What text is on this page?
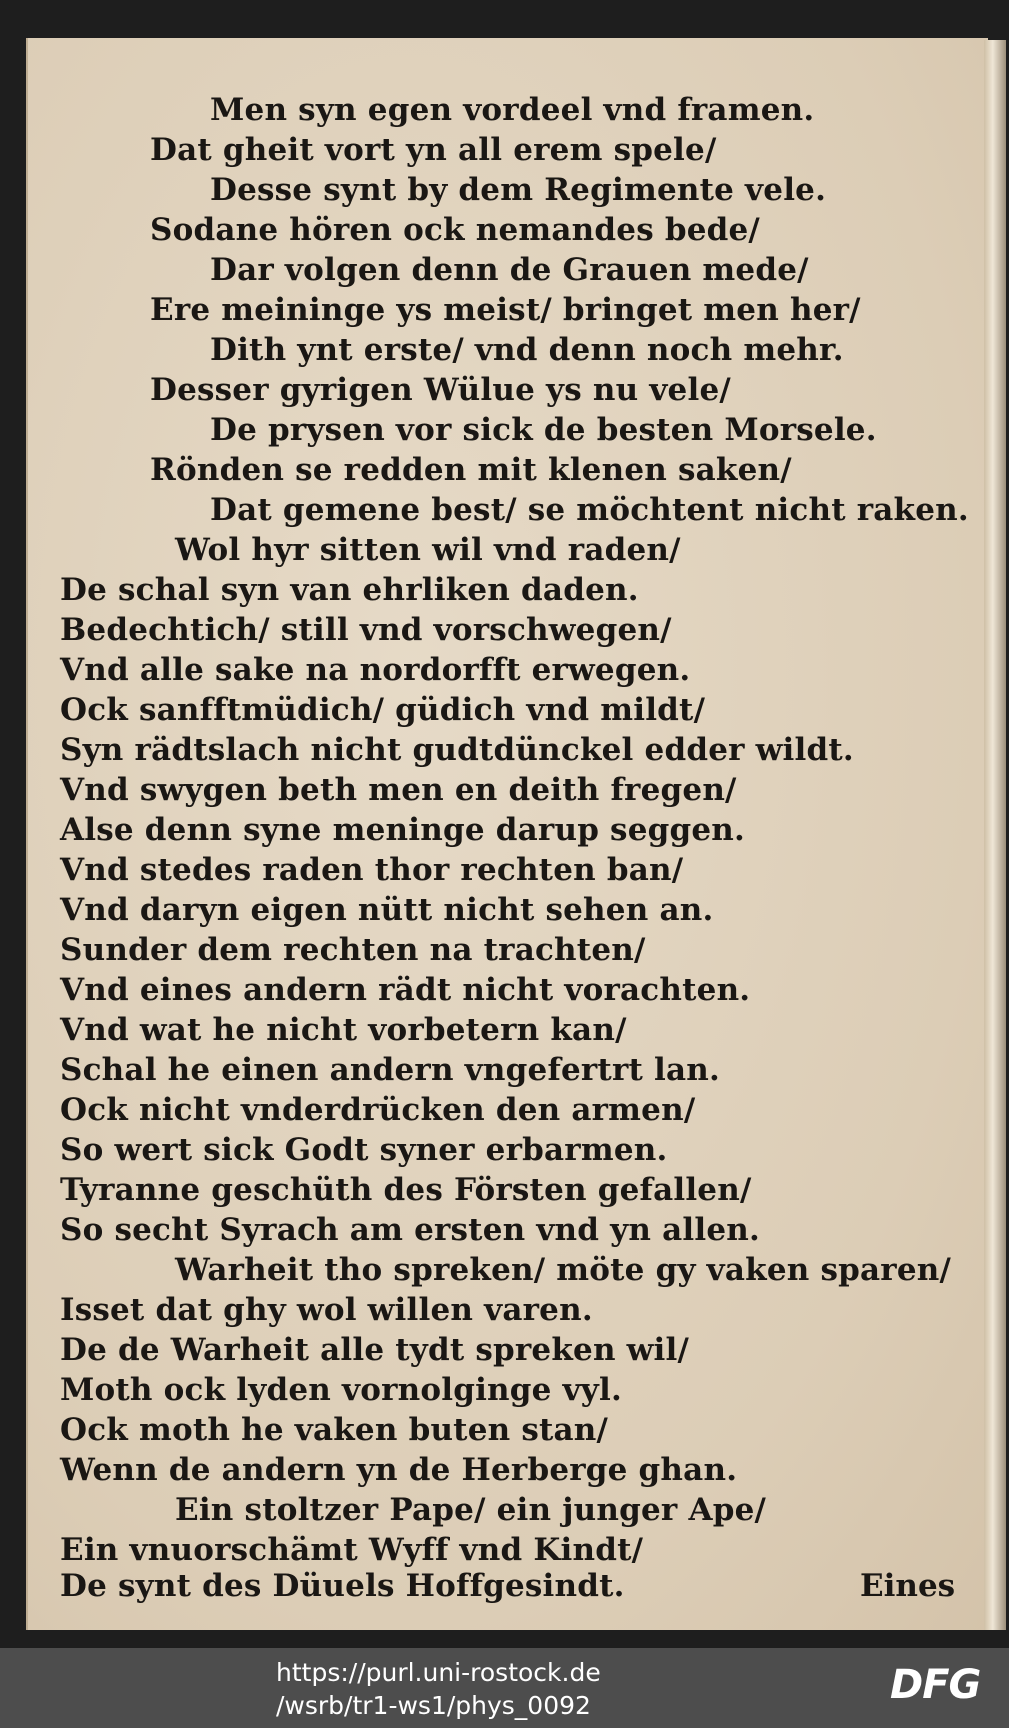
Men syn egen vordeel vnd framen.
Dat gheit vort yn all erem spele/
Desse synt by dem Regimente vele.
Sodane hören ock nemandes bede/
Dar volgen denn de Grauen mede/
Ere meininge ys meist/ bringet men her/
Dith ynt erste/ vnd denn noch mehr.
Desser gyrigen Wülue ys nu vele/
De prysen vor sick de besten Morsele.
Rönden se redden mit klenen saken/
Dat gemene best/ se möchtent nicht raken.
Wol hyr sitten wil vnd raden/
De schal syn van ehrliken daden.
Bedechtich/ still vnd vorschwegen/
Vnd alle sake na nordorfft erwegen.
Ock sanfftmüdich/ güdich vnd mildt/
Syn rädtslach nicht gudtdünckel edder wildt.
Vnd swygen beth men en deith fregen/
Alse denn syne meninge darup seggen.
Vnd stedes raden thor rechten ban/
Vnd daryn eigen nütt nicht sehen an.
Sunder dem rechten na trachten/
Vnd eines andern rädt nicht vorachten.
Vnd wat he nicht vorbetern kan/
Schal he einen andern vngefertrt lan.
Ock nicht vnderdrücken den armen/
So wert sick Godt syner erbarmen.
Tyranne geschüth des Försten gefallen/
So secht Syrach am ersten vnd yn allen.
Warheit tho spreken/ möte gy vaken sparen/
Isset dat ghy wol willen varen.
De de Warheit alle tydt spreken wil/
Moth ock lyden vornolginge vyl.
Ock moth he vaken buten stan/
Wenn de andern yn de Herberge ghan.
Ein stoltzer Pape/ ein junger Ape/
Ein vnuorschämt Wyff vnd Kindt/
De synt des Düuels Hoffgesindt.	Eines
https://purl.uni-rostock.de
/wsrb/tr1-ws1/phys_0092	DFG
